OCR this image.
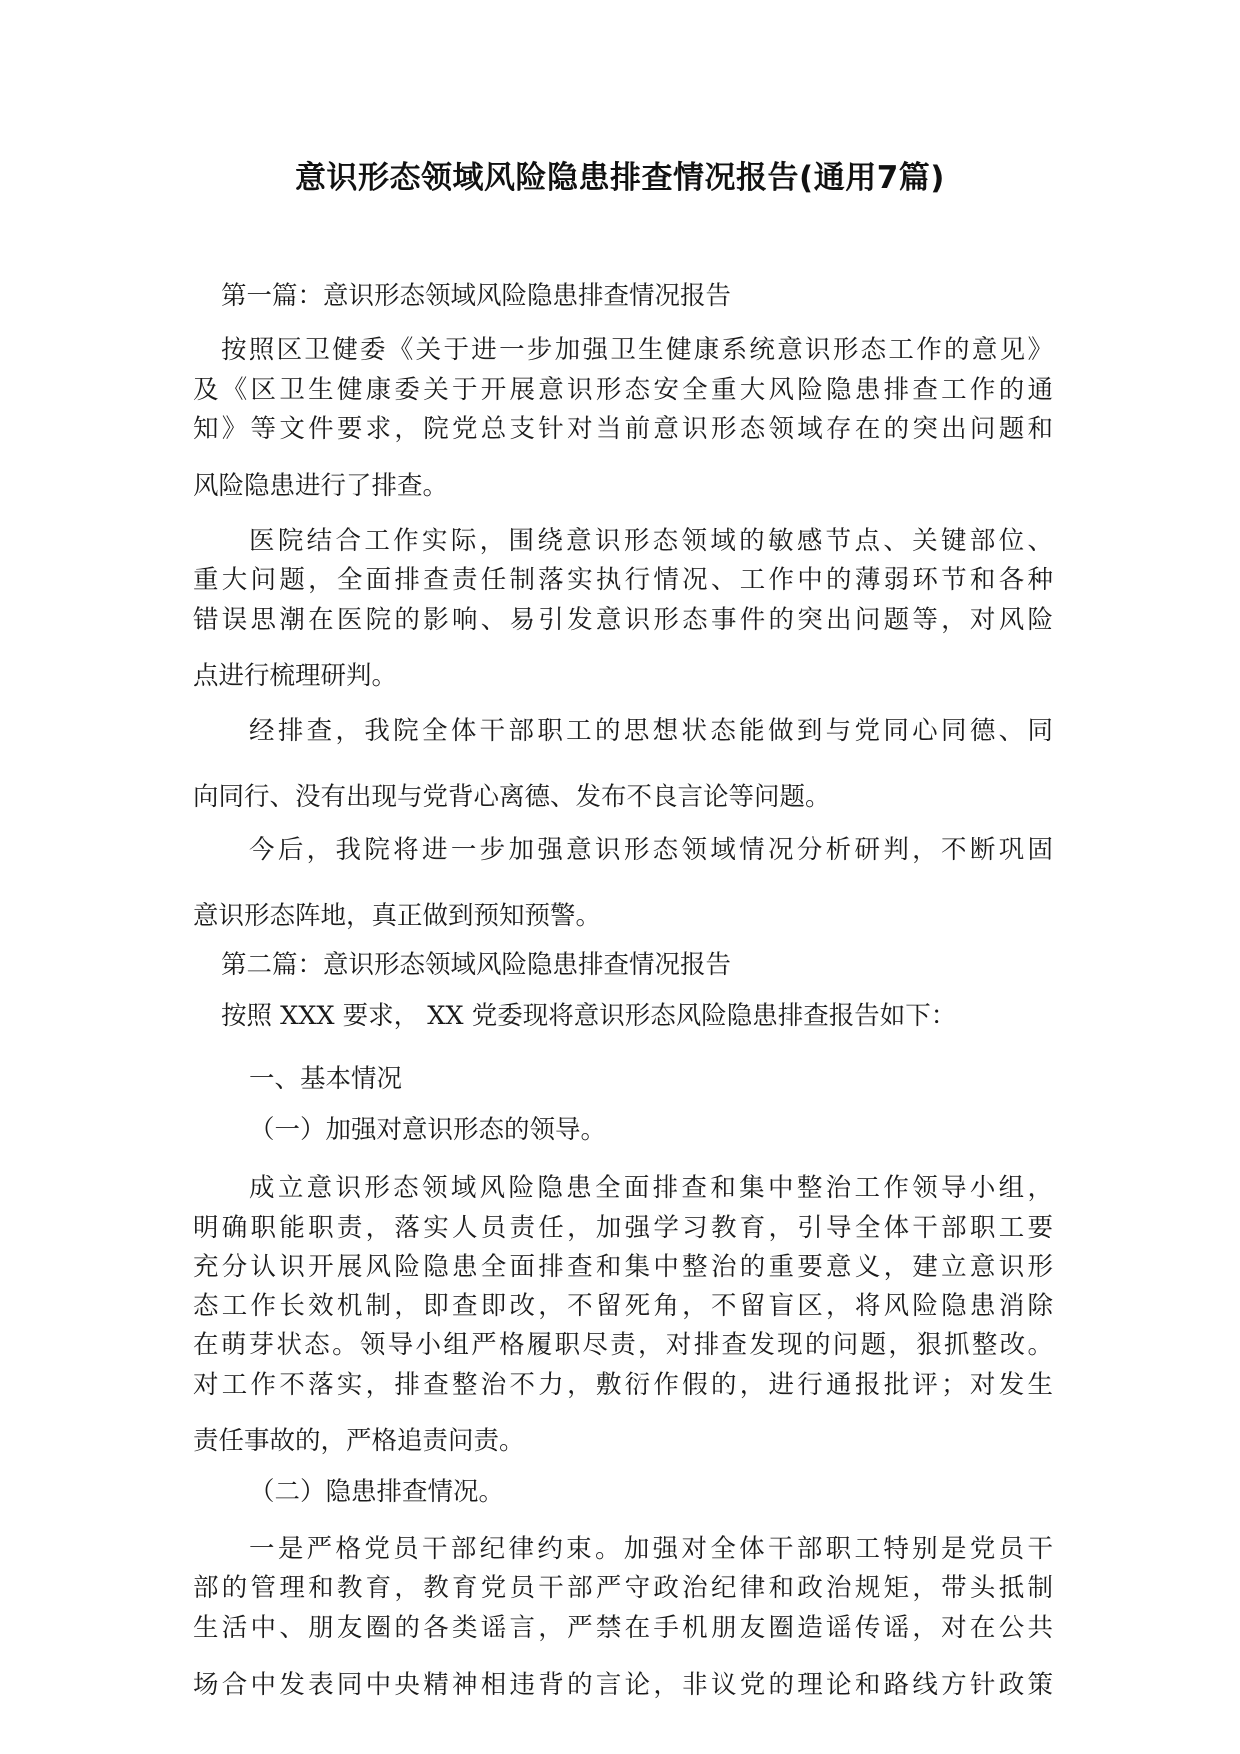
意识形态领域风险隐患排查情况报告(通用7篇)
第一篇：意识形态领域风险隐患排查情况报告
按照区卫健委《关于进一步加强卫生健康系统意识形态工作的意见》
及《区卫生健康委关于开展意识形态安全重大风险隐患排查工作的通
知》等文件要求，院党总支针对当前意识形态领域存在的突出问题和
风险隐患进行了排查。
医院结合工作实际，围绕意识形态领域的敏感节点、关键部位、
重大问题，全面排查责任制落实执行情况、工作中的薄弱环节和各种
错误思潮在医院的影响、易引发意识形态事件的突出问题等，对风险
点进行梳理研判。
经排查，我院全体干部职工的思想状态能做到与党同心同德、同
向同行、没有出现与党背心离德、发布不良言论等问题。
今后，我院将进一步加强意识形态领域情况分析研判，不断巩固
意识形态阵地，真正做到预知预警。
第二篇：意识形态领域风险隐患排查情况报告
按照 XXX 要求， XX 党委现将意识形态风险隐患排查报告如下：
一、基本情况
（一）加强对意识形态的领导。
成立意识形态领域风险隐患全面排查和集中整治工作领导小组，
明确职能职责，落实人员责任，加强学习教育，引导全体干部职工要
充分认识开展风险隐患全面排查和集中整治的重要意义，建立意识形
态工作长效机制，即查即改，不留死角，不留盲区，将风险隐患消除
在萌芽状态。领导小组严格履职尽责，对排查发现的问题，狠抓整改。
对工作不落实，排查整治不力，敷衍作假的，进行通报批评；对发生
责任事故的，严格追责问责。
（二）隐患排查情况。
一是严格党员干部纪律约束。加强对全体干部职工特别是党员干
部的管理和教育，教育党员干部严守政治纪律和政治规矩，带头抵制
生活中、朋友圈的各类谣言，严禁在手机朋友圈造谣传谣，对在公共
场合中发表同中央精神相违背的言论，非议党的理论和路线方针政策
